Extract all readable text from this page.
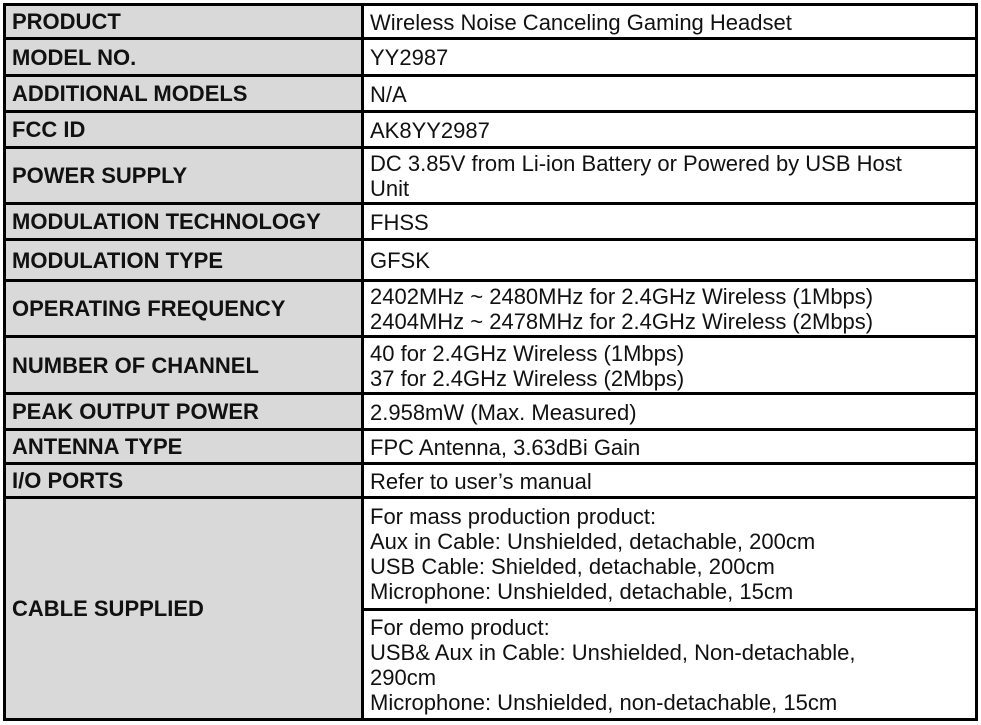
PRODUCT	Wireless Noise Canceling Gaming Headset

MODEL NO.	YY2987

ADDITIONAL MODELS	N/A

FCC ID	AK8YY2987

POWER SUPPLY	DC 3.85V from Li-ion Battery or Powered by USB Host
Unit

MODULATION TECHNOLOGY	FHSS

MODULATION TYPE	GFSK

OPERATING FREQUENCY	2402MHz ~ 2480MHz for 2.4GHz Wireless (1Mbps)
2404MHz ~ 2478MHz for 2.4GHz Wireless (2Mbps)

NUMBER OF CHANNEL	40 for 2.4GHz Wireless (1Mbps)
37 for 2.4GHz Wireless (2Mbps)

PEAK OUTPUT POWER	2.958mW (Max. Measured)

ANTENNA TYPE	FPC Antenna, 3.63dBi Gain

I/O PORTS	Refer to user’s manual

CABLE SUPPLIED	For mass production product:
Aux in Cable: Unshielded, detachable, 200cm
USB Cable: Shielded, detachable, 200cm
Microphone: Unshielded, detachable, 15cm

	For demo product:
USB& Aux in Cable: Unshielded, Non-detachable,
290cm
Microphone: Unshielded, non-detachable, 15cm
